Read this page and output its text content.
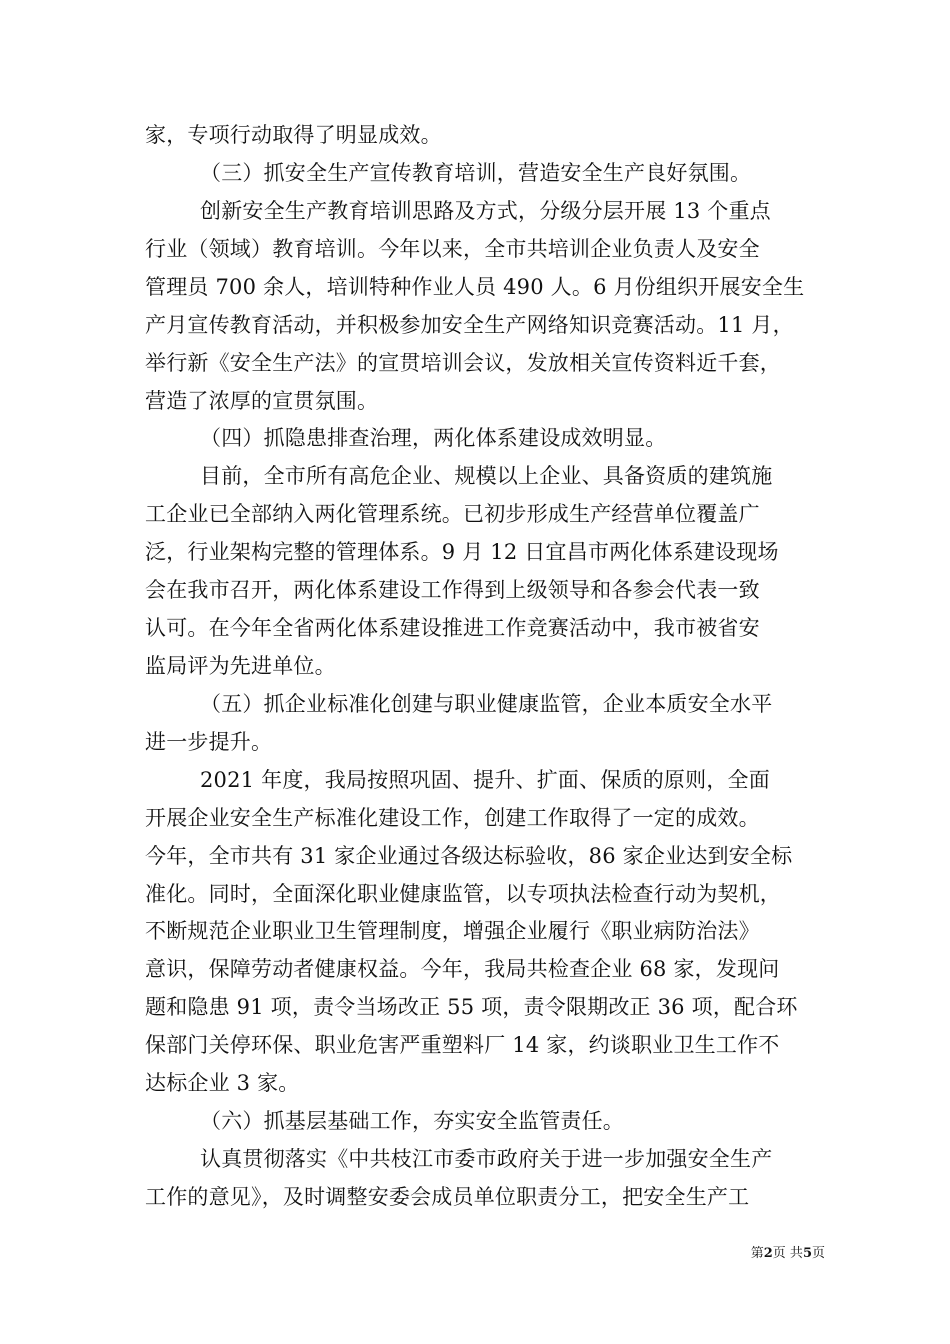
家，专项行动取得了明显成效。
（三）抓安全生产宣传教育培训，营造安全生产良好氛围。
创新安全生产教育培训思路及方式，分级分层开展 13 个重点
行业（领域）教育培训。今年以来，全市共培训企业负责人及安全
管理员 700 余人，培训特种作业人员 490 人。6 月份组织开展安全生
产月宣传教育活动，并积极参加安全生产网络知识竞赛活动。11 月，
举行新《安全生产法》的宣贯培训会议，发放相关宣传资料近千套，
营造了浓厚的宣贯氛围。
（四）抓隐患排查治理，两化体系建设成效明显。
目前，全市所有高危企业、规模以上企业、具备资质的建筑施
工企业已全部纳入两化管理系统。已初步形成生产经营单位覆盖广
泛，行业架构完整的管理体系。9 月 12 日宜昌市两化体系建设现场
会在我市召开，两化体系建设工作得到上级领导和各参会代表一致
认可。在今年全省两化体系建设推进工作竞赛活动中，我市被省安
监局评为先进单位。
（五）抓企业标准化创建与职业健康监管，企业本质安全水平
进一步提升。
2021 年度，我局按照巩固、提升、扩面、保质的原则，全面
开展企业安全生产标准化建设工作，创建工作取得了一定的成效。
今年，全市共有 31 家企业通过各级达标验收，86 家企业达到安全标
准化。同时，全面深化职业健康监管，以专项执法检查行动为契机，
不断规范企业职业卫生管理制度，增强企业履行《职业病防治法》
意识，保障劳动者健康权益。今年，我局共检查企业 68 家，发现问
题和隐患 91 项，责令当场改正 55 项，责令限期改正 36 项，配合环
保部门关停环保、职业危害严重塑料厂 14 家，约谈职业卫生工作不
达标企业 3 家。
（六）抓基层基础工作，夯实安全监管责任。
认真贯彻落实《中共枝江市委市政府关于进一步加强安全生产
工作的意见》，及时调整安委会成员单位职责分工，把安全生产工
第2页 共5页
